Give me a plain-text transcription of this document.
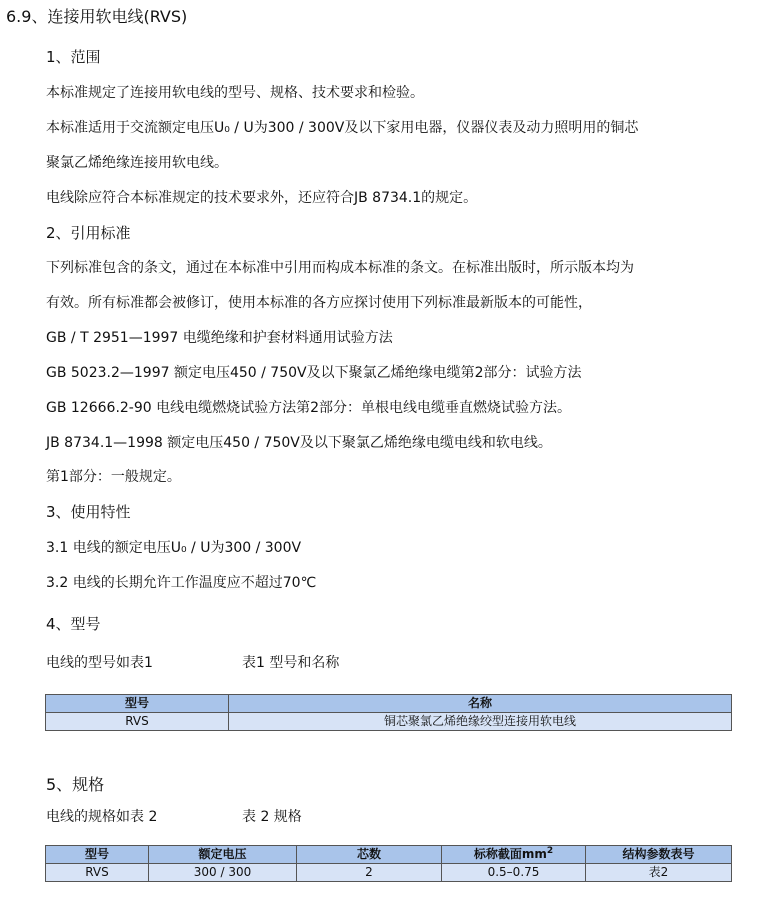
6.9、连接用软电线(RVS)
1、范围
本标准规定了连接用软电线的型号、规格、技术要求和检验。
本标准适用于交流额定电压U₀ / U为300 / 300V及以下家用电器，仪器仪表及动力照明用的铜芯
聚氯乙烯绝缘连接用软电线。
电线除应符合本标准规定的技术要求外，还应符合JB 8734.1的规定。
2、引用标准
下列标准包含的条文，通过在本标准中引用而构成本标准的条文。在标准出版时，所示版本均为
有效。所有标准都会被修订，使用本标准的各方应探讨使用下列标准最新版本的可能性，
GB / T 2951—1997 电缆绝缘和护套材料通用试验方法
GB 5023.2—1997 额定电压450 / 750V及以下聚氯乙烯绝缘电缆第2部分：试验方法
GB 12666.2-90 电线电缆燃烧试验方法第2部分：单根电线电缆垂直燃烧试验方法。
JB 8734.1—1998 额定电压450 / 750V及以下聚氯乙烯绝缘电缆电线和软电线。
第1部分：一般规定。
3、使用特性
3.1 电线的额定电压U₀ / U为300 / 300V
3.2 电线的长期允许工作温度应不超过70℃
4、型号
电线的型号如表1	表1 型号和名称
型号	名称
RVS	铜芯聚氯乙烯绝缘绞型连接用软电线
5、规格
电线的规格如表 2	表 2 规格
型号	额定电压	芯数	标称截面$mm^2$	结构参数表号
RVS	300 / 300	2	0.5–0.75	表2
